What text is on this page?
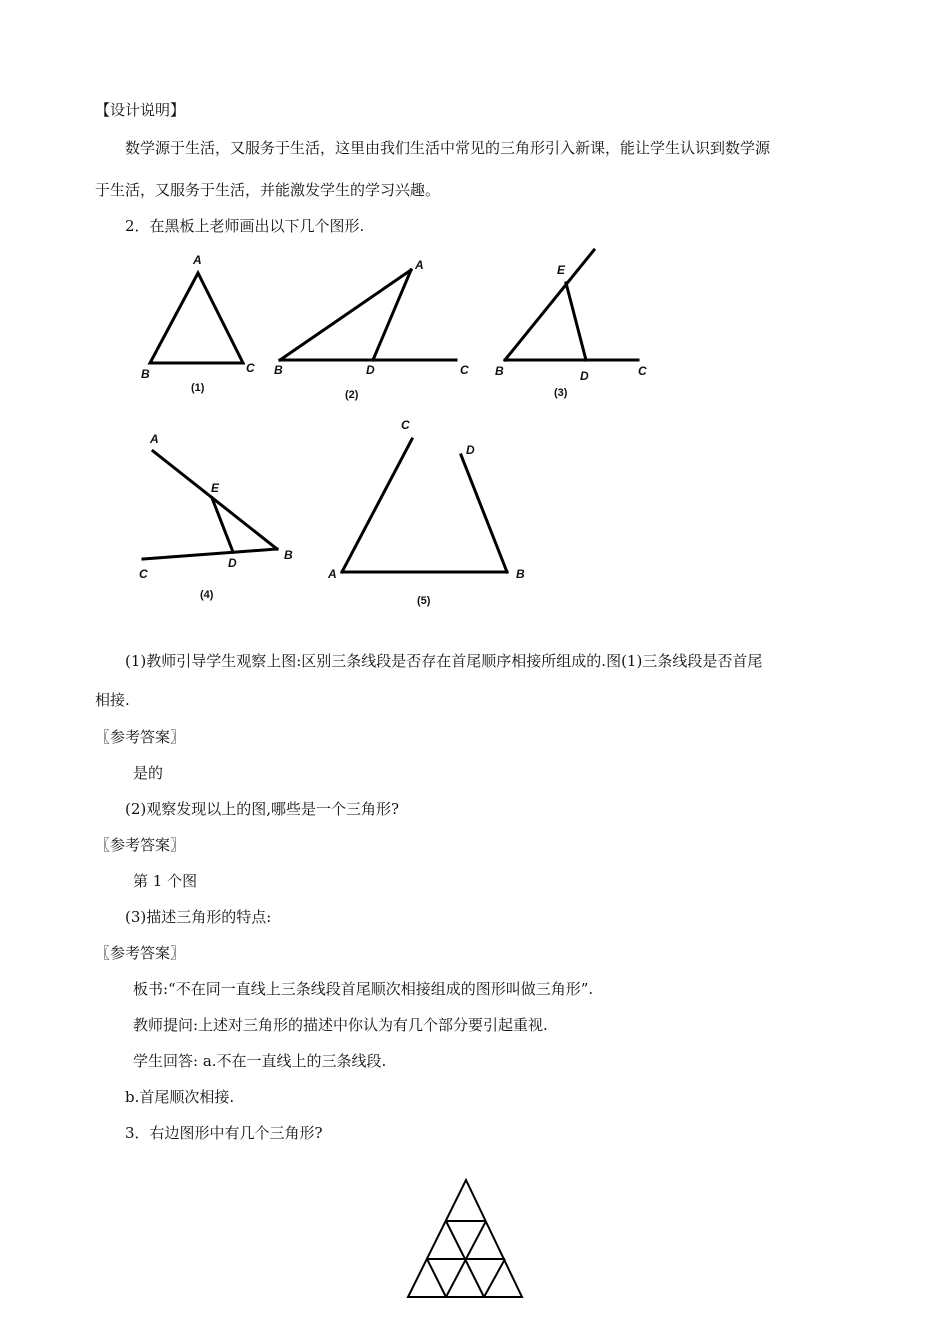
【设计说明】
数学源于生活，又服务于生活，这里由我们生活中常见的三角形引入新课，能让学生认识到数学源
于生活，又服务于生活，并能激发学生的学习兴趣。
2．在黑板上老师画出以下几个图形.
A
B	C
(1)
A
B	D	C
(2)
E
B	D	C
(3)
A
E
C
D
B
(4)
C
D
A	B
(5)
(1)教师引导学生观察上图:区别三条线段是否存在首尾顺序相接所组成的.图(1)三条线段是否首尾
相接.
〖参考答案〗
是的
(2)观察发现以上的图,哪些是一个三角形?
〖参考答案〗
第 1 个图
(3)描述三角形的特点:
〖参考答案〗
板书:“不在同一直线上三条线段首尾顺次相接组成的图形叫做三角形”.
教师提问:上述对三角形的描述中你认为有几个部分要引起重视.
学生回答: a.不在一直线上的三条线段.
b.首尾顺次相接.
3．右边图形中有几个三角形?
